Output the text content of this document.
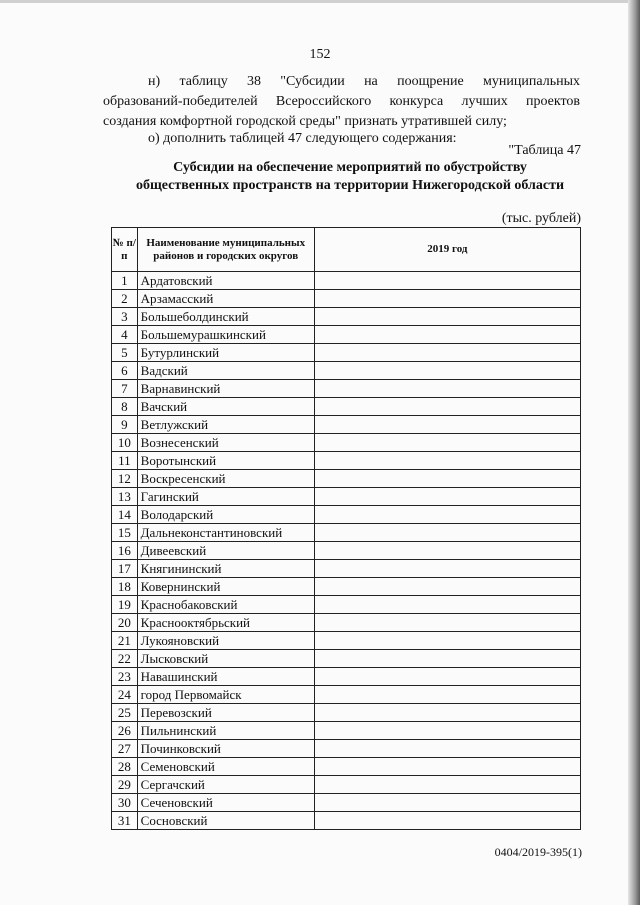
152
н) таблицу 38 "Субсидии на поощрение муниципальных
образований-победителей Всероссийского конкурса лучших проектов
создания комфортной городской среды" признать утратившей силу;
о) дополнить таблицей 47 следующего содержания:
"Таблица 47
Субсидии на обеспечение мероприятий по обустройству
общественных пространств на территории Нижегородской области
(тыс. рублей)
№ п/п	Наименование муниципальных районов и городских округов	2019 год
1	Ардатовский	
2	Арзамасский	
3	Большеболдинский	
4	Большемурашкинский	
5	Бутурлинский	
6	Вадский	
7	Варнавинский	
8	Вачский	
9	Ветлужский	
10	Вознесенский	
11	Воротынский	
12	Воскресенский	
13	Гагинский	
14	Володарский	
15	Дальнеконстантиновский	
16	Дивеевский	
17	Княгининский	
18	Ковернинский	
19	Краснобаковский	
20	Краснооктябрьский	
21	Лукояновский	
22	Лысковский	
23	Навашинский	
24	город Первомайск	
25	Перевозский	
26	Пильнинский	
27	Починковский	
28	Семеновский	
29	Сергачский	
30	Сеченовский	
31	Сосновский	
0404/2019-395(1)
